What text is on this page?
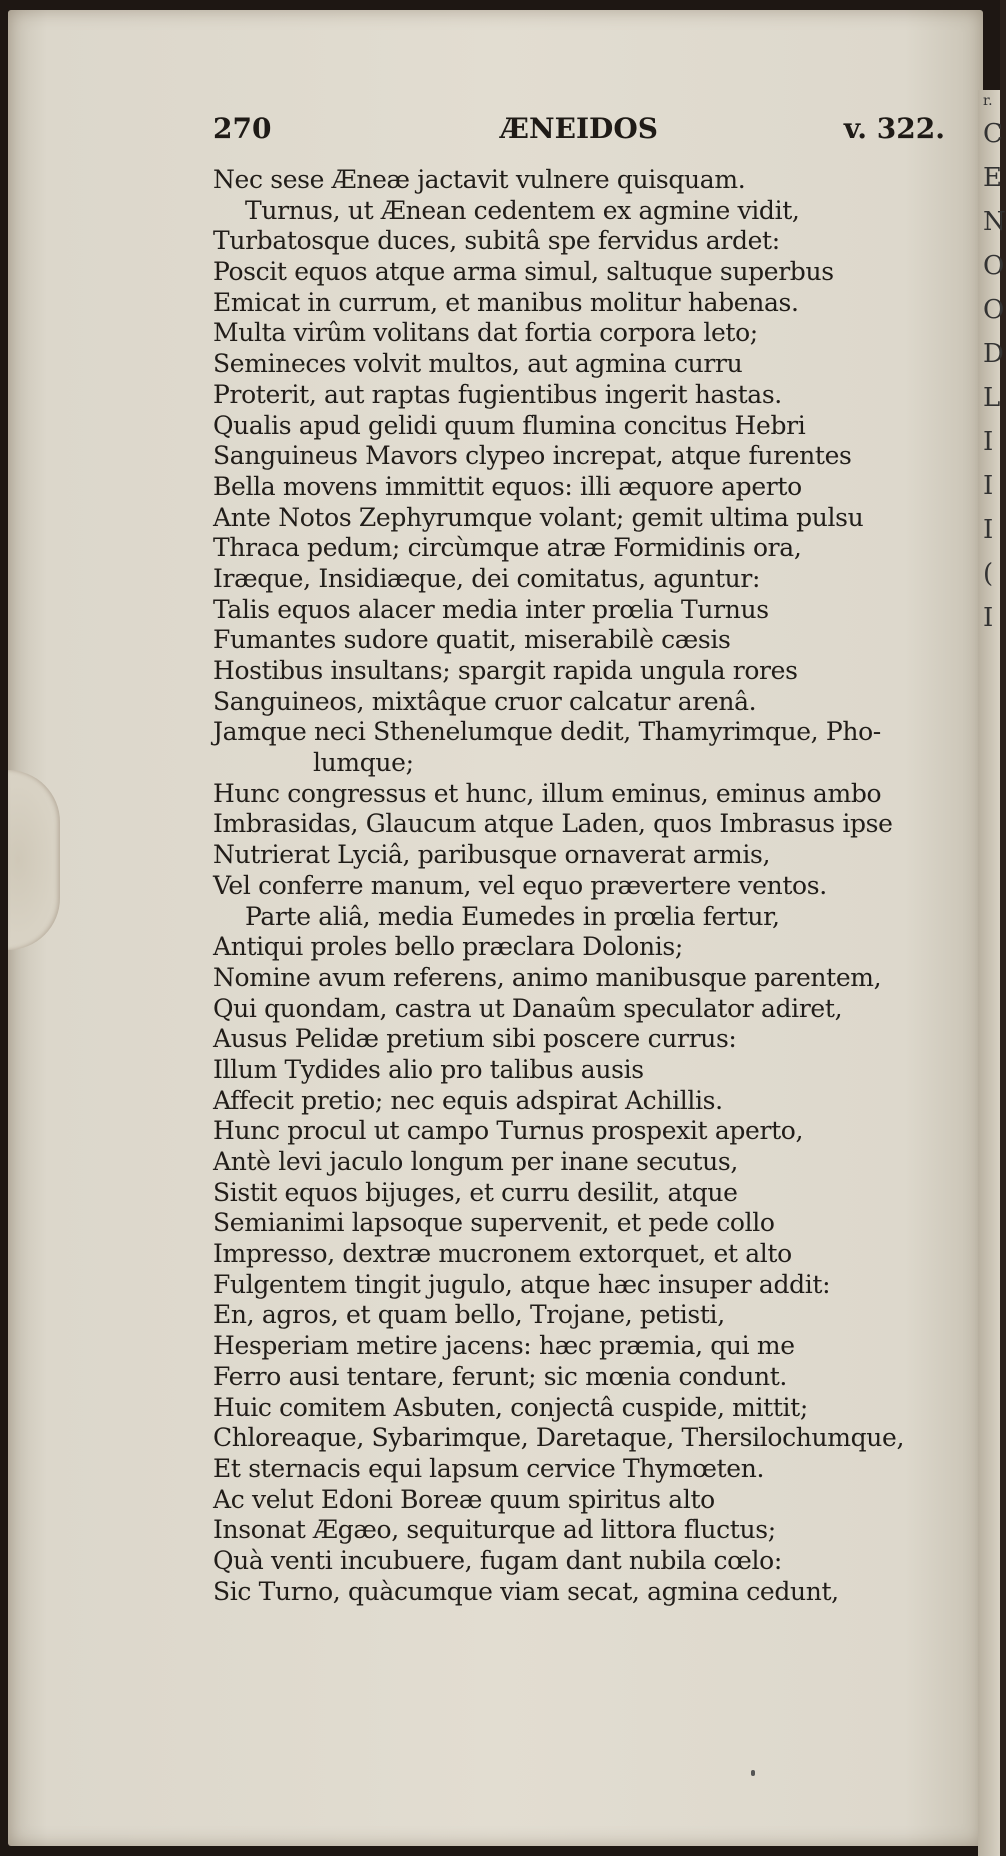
270	ÆNEIDOS	v. 322.
Nec sese Æneæ jactavit vulnere quisquam.
Turnus, ut Ænean cedentem ex agmine vidit,
Turbatosque duces, subitâ spe fervidus ardet:
Poscit equos atque arma simul, saltuque superbus
Emicat in currum, et manibus molitur habenas.
Multa virûm volitans dat fortia corpora leto;
Semineces volvit multos, aut agmina curru
Proterit, aut raptas fugientibus ingerit hastas.
Qualis apud gelidi quum flumina concitus Hebri
Sanguineus Mavors clypeo increpat, atque furentes
Bella movens immittit equos: illi æquore aperto
Ante Notos Zephyrumque volant; gemit ultima pulsu
Thraca pedum; circùmque atræ Formidinis ora,
Iræque, Insidiæque, dei comitatus, aguntur:
Talis equos alacer media inter prœlia Turnus
Fumantes sudore quatit, miserabilè cæsis
Hostibus insultans; spargit rapida ungula rores
Sanguineos, mixtâque cruor calcatur arenâ.
Jamque neci Sthenelumque dedit, Thamyrimque, Pho-
lumque;
Hunc congressus et hunc, illum eminus, eminus ambo
Imbrasidas, Glaucum atque Laden, quos Imbrasus ipse
Nutrierat Lyciâ, paribusque ornaverat armis,
Vel conferre manum, vel equo prævertere ventos.
Parte aliâ, media Eumedes in prœlia fertur,
Antiqui proles bello præclara Dolonis;
Nomine avum referens, animo manibusque parentem,
Qui quondam, castra ut Danaûm speculator adiret,
Ausus Pelidæ pretium sibi poscere currus:
Illum Tydides alio pro talibus ausis
Affecit pretio; nec equis adspirat Achillis.
Hunc procul ut campo Turnus prospexit aperto,
Antè levi jaculo longum per inane secutus,
Sistit equos bijuges, et curru desilit, atque
Semianimi lapsoque supervenit, et pede collo
Impresso, dextræ mucronem extorquet, et alto
Fulgentem tingit jugulo, atque hæc insuper addit:
En, agros, et quam bello, Trojane, petisti,
Hesperiam metire jacens: hæc præmia, qui me
Ferro ausi tentare, ferunt; sic mœnia condunt.
Huic comitem Asbuten, conjectâ cuspide, mittit;
Chloreaque, Sybarimque, Daretaque, Thersilochumque,
Et sternacis equi lapsum cervice Thymœten.
Ac velut Edoni Boreæ quum spiritus alto
Insonat Ægæo, sequiturque ad littora fluctus;
Quà venti incubuere, fugam dant nubila cœlo:
Sic Turno, quàcumque viam secat, agmina cedunt,
r.
C
E
N
O
O
D
L
I
I
I
(
I
